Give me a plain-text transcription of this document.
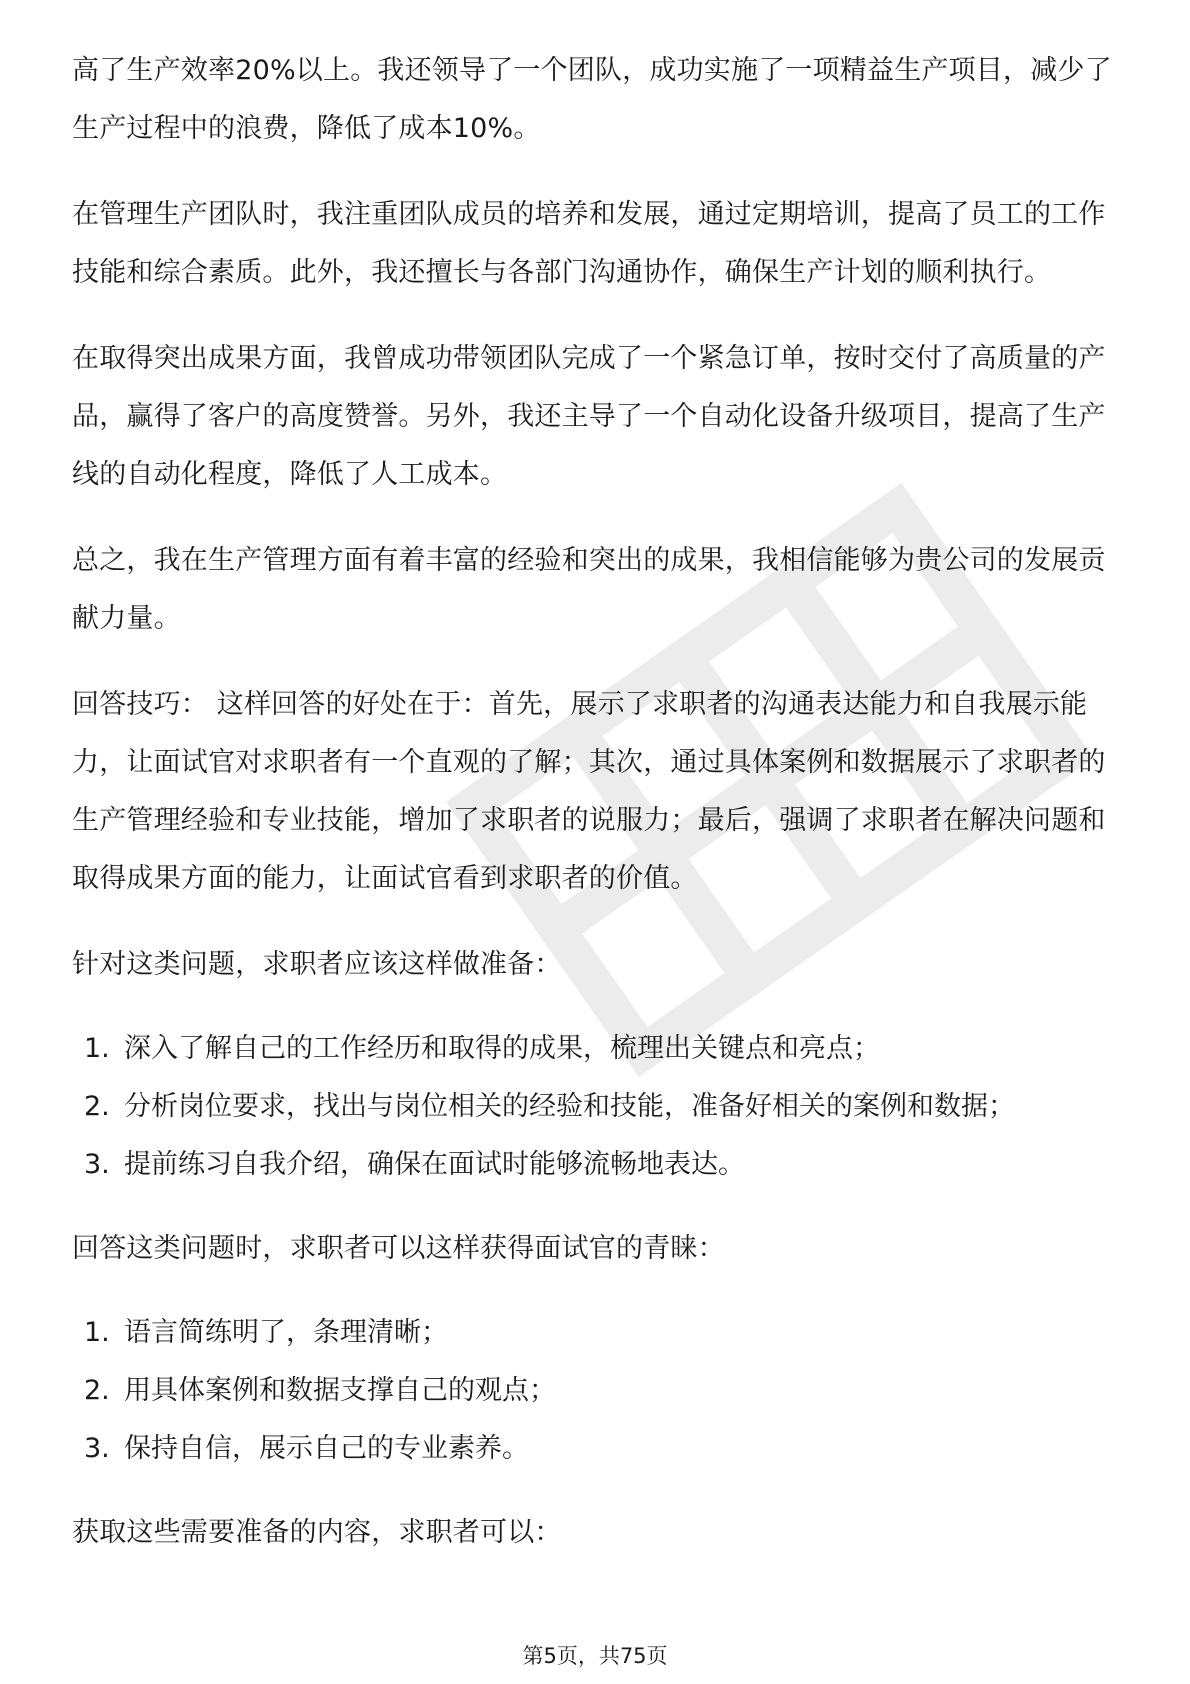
高了生产效率20%以上。我还领导了一个团队，成功实施了一项精益生产项目，减少了生产过程中的浪费，降低了成本10%。

在管理生产团队时，我注重团队成员的培养和发展，通过定期培训，提高了员工的工作技能和综合素质。此外，我还擅长与各部门沟通协作，确保生产计划的顺利执行。

在取得突出成果方面，我曾成功带领团队完成了一个紧急订单，按时交付了高质量的产品，赢得了客户的高度赞誉。另外，我还主导了一个自动化设备升级项目，提高了生产线的自动化程度，降低了人工成本。

总之，我在生产管理方面有着丰富的经验和突出的成果，我相信能够为贵公司的发展贡献力量。

回答技巧： 这样回答的好处在于：首先，展示了求职者的沟通表达能力和自我展示能力，让面试官对求职者有一个直观的了解；其次，通过具体案例和数据展示了求职者的生产管理经验和专业技能，增加了求职者的说服力；最后，强调了求职者在解决问题和取得成果方面的能力，让面试官看到求职者的价值。

针对这类问题，求职者应该这样做准备：

1. 深入了解自己的工作经历和取得的成果，梳理出关键点和亮点；
2. 分析岗位要求，找出与岗位相关的经验和技能，准备好相关的案例和数据；
3. 提前练习自我介绍，确保在面试时能够流畅地表达。

回答这类问题时，求职者可以这样获得面试官的青睐：

1. 语言简练明了，条理清晰；
2. 用具体案例和数据支撑自己的观点；
3. 保持自信，展示自己的专业素养。

获取这些需要准备的内容，求职者可以：

第5页，共75页
